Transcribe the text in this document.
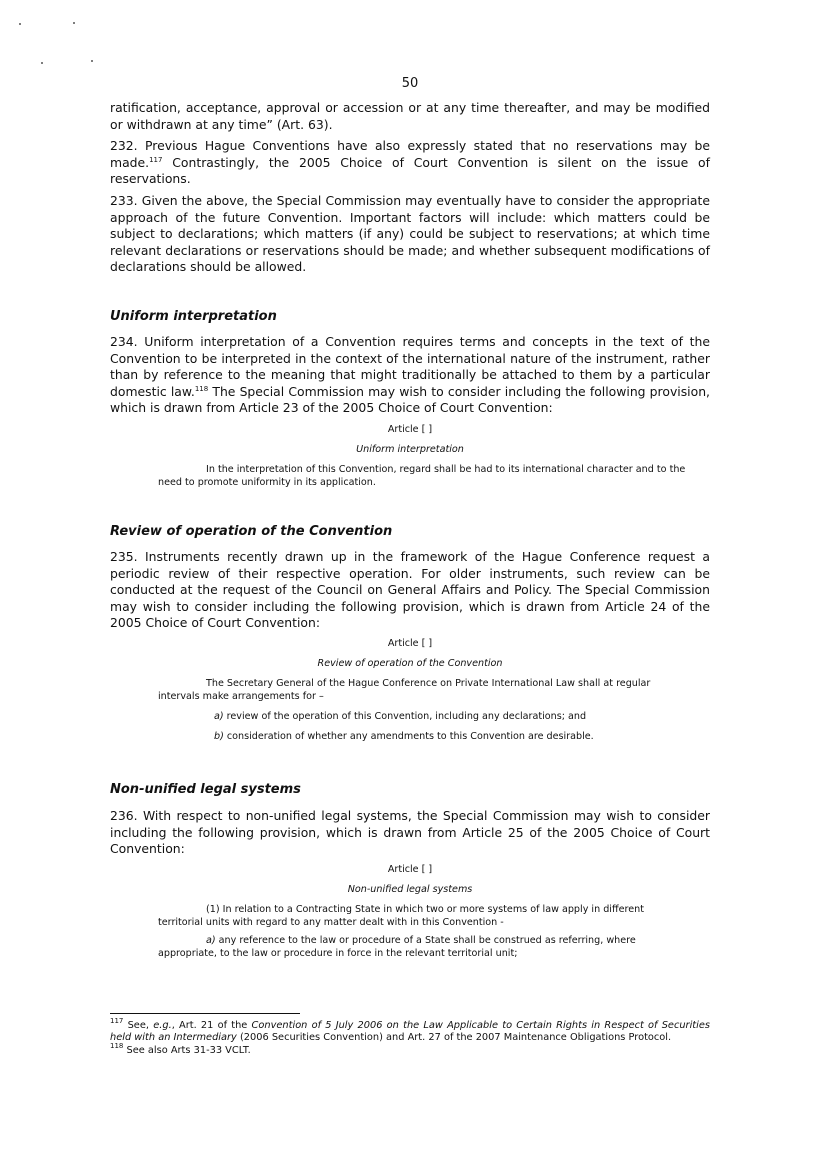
50

ratification, acceptance, approval or accession or at any time thereafter, and may be modified or withdrawn at any time” (Art. 63).

232. Previous Hague Conventions have also expressly stated that no reservations may be made.$^{117}$ Contrastingly, the 2005 Choice of Court Convention is silent on the issue of reservations.

233. Given the above, the Special Commission may eventually have to consider the appropriate approach of the future Convention. Important factors will include: which matters could be subject to declarations; which matters (if any) could be subject to reservations; at which time relevant declarations or reservations should be made; and whether subsequent modifications of declarations should be allowed.

Uniform interpretation

234. Uniform interpretation of a Convention requires terms and concepts in the text of the Convention to be interpreted in the context of the international nature of the instrument, rather than by reference to the meaning that might traditionally be attached to them by a particular domestic law.$^{118}$ The Special Commission may wish to consider including the following provision, which is drawn from Article 23 of the 2005 Choice of Court Convention:

Article [ ]

Uniform interpretation

In the interpretation of this Convention, regard shall be had to its international character and to the need to promote uniformity in its application.

Review of operation of the Convention

235. Instruments recently drawn up in the framework of the Hague Conference request a periodic review of their respective operation. For older instruments, such review can be conducted at the request of the Council on General Affairs and Policy. The Special Commission may wish to consider including the following provision, which is drawn from Article 24 of the 2005 Choice of Court Convention:

Article [ ]

Review of operation of the Convention

The Secretary General of the Hague Conference on Private International Law shall at regular intervals make arrangements for –

a) review of the operation of this Convention, including any declarations; and

b) consideration of whether any amendments to this Convention are desirable.

Non-unified legal systems

236. With respect to non-unified legal systems, the Special Commission may wish to consider including the following provision, which is drawn from Article 25 of the 2005 Choice of Court Convention:

Article [ ]

Non-unified legal systems

(1) In relation to a Contracting State in which two or more systems of law apply in different territorial units with regard to any matter dealt with in this Convention -

a) any reference to the law or procedure of a State shall be construed as referring, where appropriate, to the law or procedure in force in the relevant territorial unit;

$^{117}$ See, e.g., Art. 21 of the Convention of 5 July 2006 on the Law Applicable to Certain Rights in Respect of Securities held with an Intermediary (2006 Securities Convention) and Art. 27 of the 2007 Maintenance Obligations Protocol.

$^{118}$ See also Arts 31-33 VCLT.
